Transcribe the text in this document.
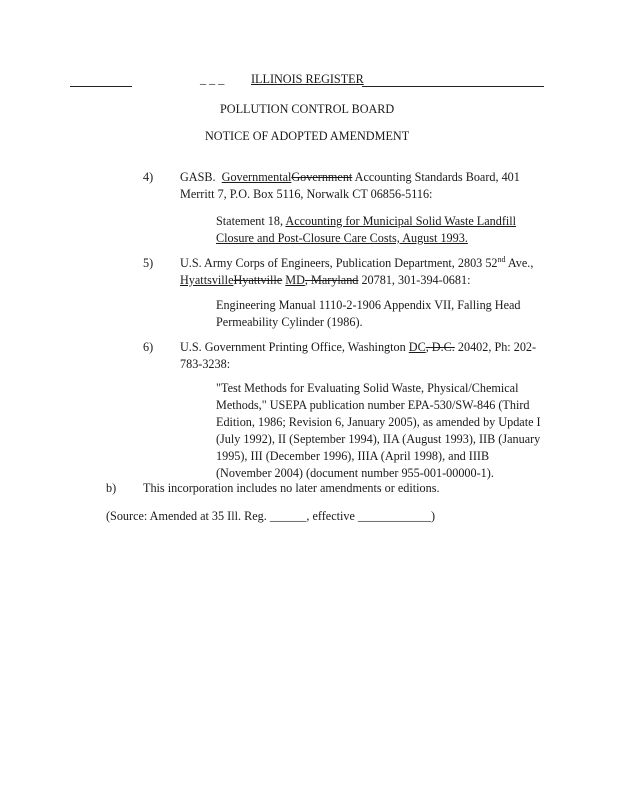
_ _ _ ILLINOIS REGISTER
POLLUTION CONTROL BOARD
NOTICE OF ADOPTED AMENDMENT
4) GASB. GovernmentalGovernment Accounting Standards Board, 401
Merritt 7, P.O. Box 5116, Norwalk CT 06856-5116:
Statement 18, Accounting for Municipal Solid Waste Landfill
Closure and Post-Closure Care Costs, August 1993.
5) U.S. Army Corps of Engineers, Publication Department, 2803 52nd Ave.,
HyattsvilleHyattville MD, Maryland 20781, 301-394-0681:
Engineering Manual 1110-2-1906 Appendix VII, Falling Head
Permeability Cylinder (1986).
6) U.S. Government Printing Office, Washington DC, D.C. 20402, Ph: 202-
783-3238:
"Test Methods for Evaluating Solid Waste, Physical/Chemical
Methods," USEPA publication number EPA-530/SW-846 (Third
Edition, 1986; Revision 6, January 2005), as amended by Update I
(July 1992), II (September 1994), IIA (August 1993), IIB (January
1995), III (December 1996), IIIA (April 1998), and IIIB
(November 2004) (document number 955-001-00000-1).
b) This incorporation includes no later amendments or editions.
(Source: Amended at 35 Ill. Reg. ______, effective ____________)
